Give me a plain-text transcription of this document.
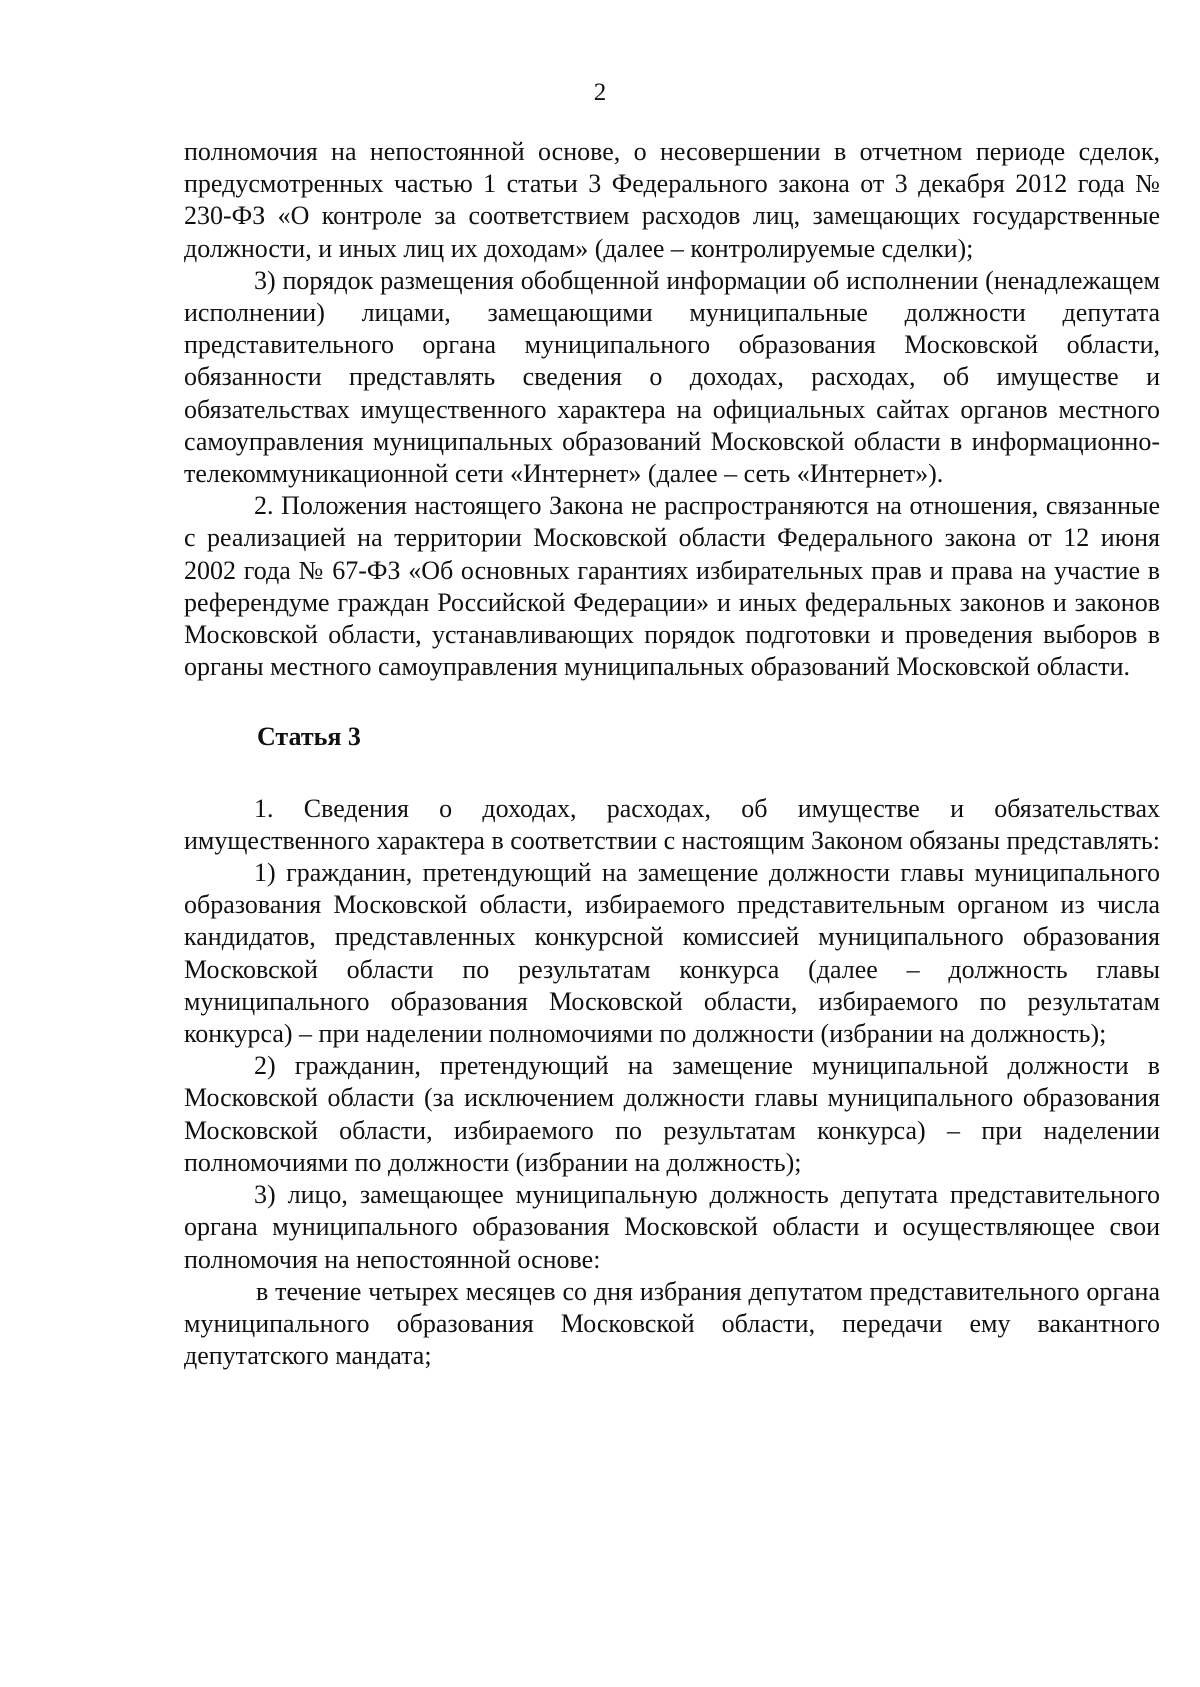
2

полномочия на непостоянной основе, о несовершении в отчетном периоде сделок, предусмотренных частью 1 статьи 3 Федерального закона от 3 декабря 2012 года № 230-ФЗ «О контроле за соответствием расходов лиц, замещающих государственные должности, и иных лиц их доходам» (далее – контролируемые сделки);

3) порядок размещения обобщенной информации об исполнении (ненадлежащем исполнении) лицами, замещающими муниципальные должности депутата представительного органа муниципального образования Московской области, обязанности представлять сведения о доходах, расходах, об имуществе и обязательствах имущественного характера на официальных сайтах органов местного самоуправления муниципальных образований Московской области в информационно-телекоммуникационной сети «Интернет» (далее – сеть «Интернет»).

2. Положения настоящего Закона не распространяются на отношения, связанные с реализацией на территории Московской области Федерального закона от 12 июня 2002 года № 67-ФЗ «Об основных гарантиях избирательных прав и права на участие в референдуме граждан Российской Федерации» и иных федеральных законов и законов Московской области, устанавливающих порядок подготовки и проведения выборов в органы местного самоуправления муниципальных образований Московской области.

Статья 3

1. Сведения о доходах, расходах, об имуществе и обязательствах имущественного характера в соответствии с настоящим Законом обязаны представлять:

1) гражданин, претендующий на замещение должности главы муниципального образования Московской области, избираемого представительным органом из числа кандидатов, представленных конкурсной комиссией муниципального образования Московской области по результатам конкурса (далее – должность главы муниципального образования Московской области, избираемого по результатам конкурса) – при наделении полномочиями по должности (избрании на должность);

2) гражданин, претендующий на замещение муниципальной должности в Московской области (за исключением должности главы муниципального образования Московской области, избираемого по результатам конкурса) – при наделении полномочиями по должности (избрании на должность);

3) лицо, замещающее муниципальную должность депутата представительного органа муниципального образования Московской области и осуществляющее свои полномочия на непостоянной основе:

в течение четырех месяцев со дня избрания депутатом представительного органа муниципального образования Московской области, передачи ему вакантного депутатского мандата;
